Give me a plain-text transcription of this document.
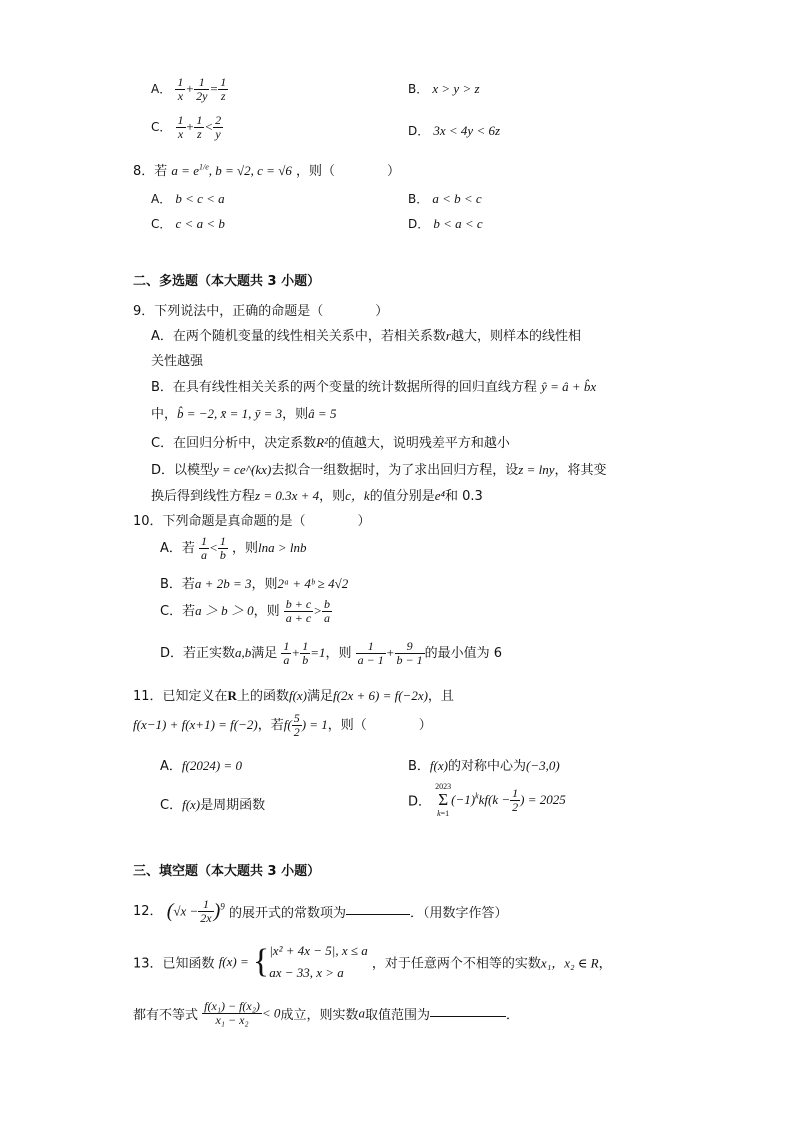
A． $\frac{1}{x} + \frac{1}{2y} = \frac{1}{z}$	B． x > y > z
C． $\frac{1}{x} + \frac{1}{z} < \frac{2}{y}$	D． 3x < 4y < 6z
8．若 $a = e^{1/e}$, b = √2, c = √6 ，则（　　　　）
A． b < c < a	B． a < b < c
C． c < a < b	D． b < a < c
二、多选题（本大题共 3 小题）
9．下列说法中，正确的命题是（　　　　）
A．在两个随机变量的线性相关关系中，若相关系数r越大，则样本的线性相
关性越强
B．在具有线性相关关系的两个变量的统计数据所得的回归直线方程 ŷ = â + b̂x
中，b̂ = −2, x̄ = 1, ȳ = 3，则â = 5
C．在回归分析中，决定系数R²的值越大，说明残差平方和越小
D．以模型y = ce^(kx)去拟合一组数据时，为了求出回归方程，设z = lny，将其变
换后得到线性方程z = 0.3x + 4，则c，k的值分别是e⁴和 0.3
10．下列命题是真命题的是（　　　　）
A．若 $\frac{1}{a} < \frac{1}{b}$ ，则lna > lnb
B．若a + 2b = 3，则2ᵃ + 4ᵇ ≥ 4√2
C．若a ＞ b ＞ 0，则 $\frac{b + c}{a + c} > \frac{b}{a}$
D．若正实数a,b满足 $\frac{1}{a} + \frac{1}{b} =1$，则 $\frac{1}{a - 1} + \frac{9}{b - 1}$ 的最小值为 6
11．已知定义在R上的函数f(x)满足f(2x + 6) = f(−2x)，且
f(x−1) + f(x+1) = f(−2)，若$f( \frac{5}{2}$ ) = 1，则（　　　　）
A．f(2024) = 0	B．f(x)的对称中心为(−3,0)
C．f(x)是周期函数	D． 2023
Σ
$k=1(-1)^kkf(k - \frac{1}{2}$ ) = 2025
三、填空题（本大题共 3 小题）
12． $(√x - \frac{1}{2x} )^9$ 的展开式的常数项为	．（用数字作答）
13．已知函数 f(x) = { |x² + 4x − 5|, x ≤ a
ax − 33, x > a
，对于任意两个不相等的实数x₁，x₂ ∈ R，
都有不等式 $\frac{\text{f(x₁) − f(x₂)}}{\text{x₁ − x₂}} < 0$成立，则实数a取值范围为	．
